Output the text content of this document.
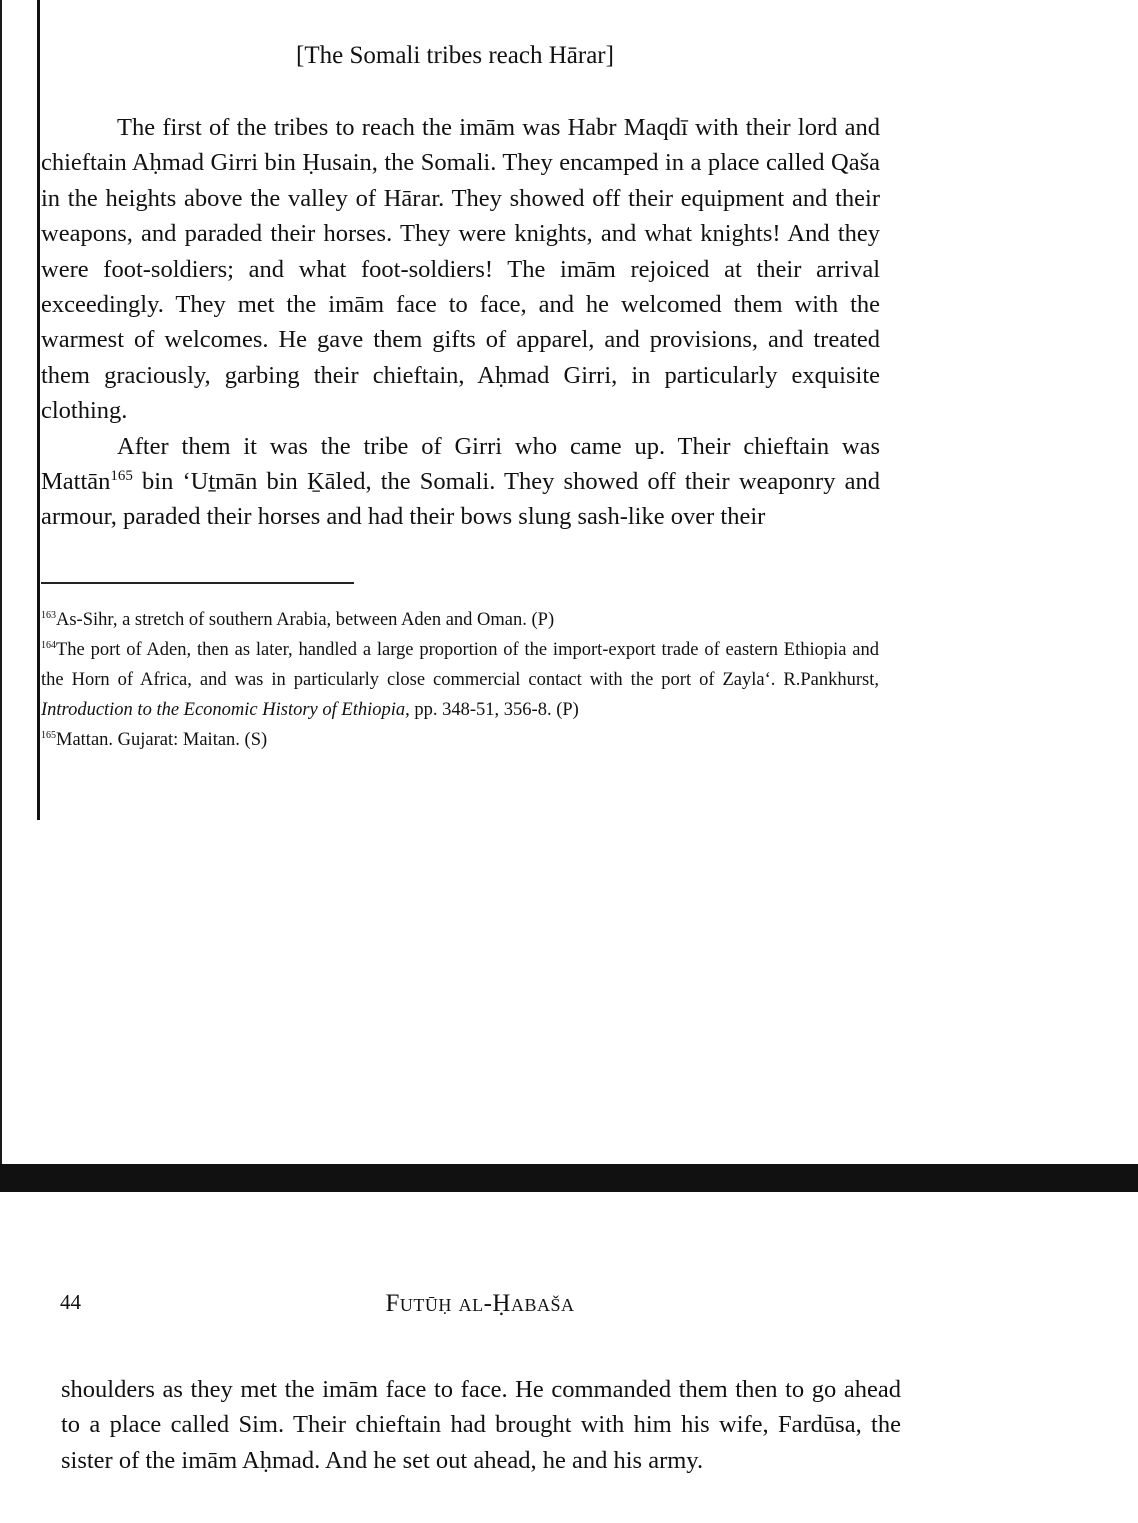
[The Somali tribes reach Hārar]

The first of the tribes to reach the imām was Habr Maqdī with their lord and chieftain Aḥmad Girri bin Ḥusain, the Somali. They encamped in a place called Qaša in the heights above the valley of Hārar. They showed off their equipment and their weapons, and paraded their horses. They were knights, and what knights! And they were foot-soldiers; and what foot-soldiers! The imām rejoiced at their arrival exceedingly. They met the imām face to face, and he welcomed them with the warmest of welcomes. He gave them gifts of apparel, and provisions, and treated them graciously, garbing their chieftain, Aḥmad Girri, in particularly exquisite clothing.

After them it was the tribe of Girri who came up. Their chieftain was Mattān$^{165}$ bin ‘Uṯmān bin Ḵāled, the Somali. They showed off their weaponry and armour, paraded their horses and had their bows slung sash-like over their

$^{163}$As-Sihr, a stretch of southern Arabia, between Aden and Oman. (P)

$^{164}$The port of Aden, then as later, handled a large proportion of the import-export trade of eastern Ethiopia and the Horn of Africa, and was in particularly close commercial contact with the port of Zayla‘. R.Pankhurst, Introduction to the Economic History of Ethiopia, pp. 348-51, 356-8. (P)

$^{165}$Mattan. Gujarat: Maitan. (S)

44	Futūḥ al-Ḥabaša

shoulders as they met the imām face to face. He commanded them then to go ahead to a place called Sim. Their chieftain had brought with him his wife, Fardūsa, the sister of the imām Aḥmad. And he set out ahead, he and his army.
